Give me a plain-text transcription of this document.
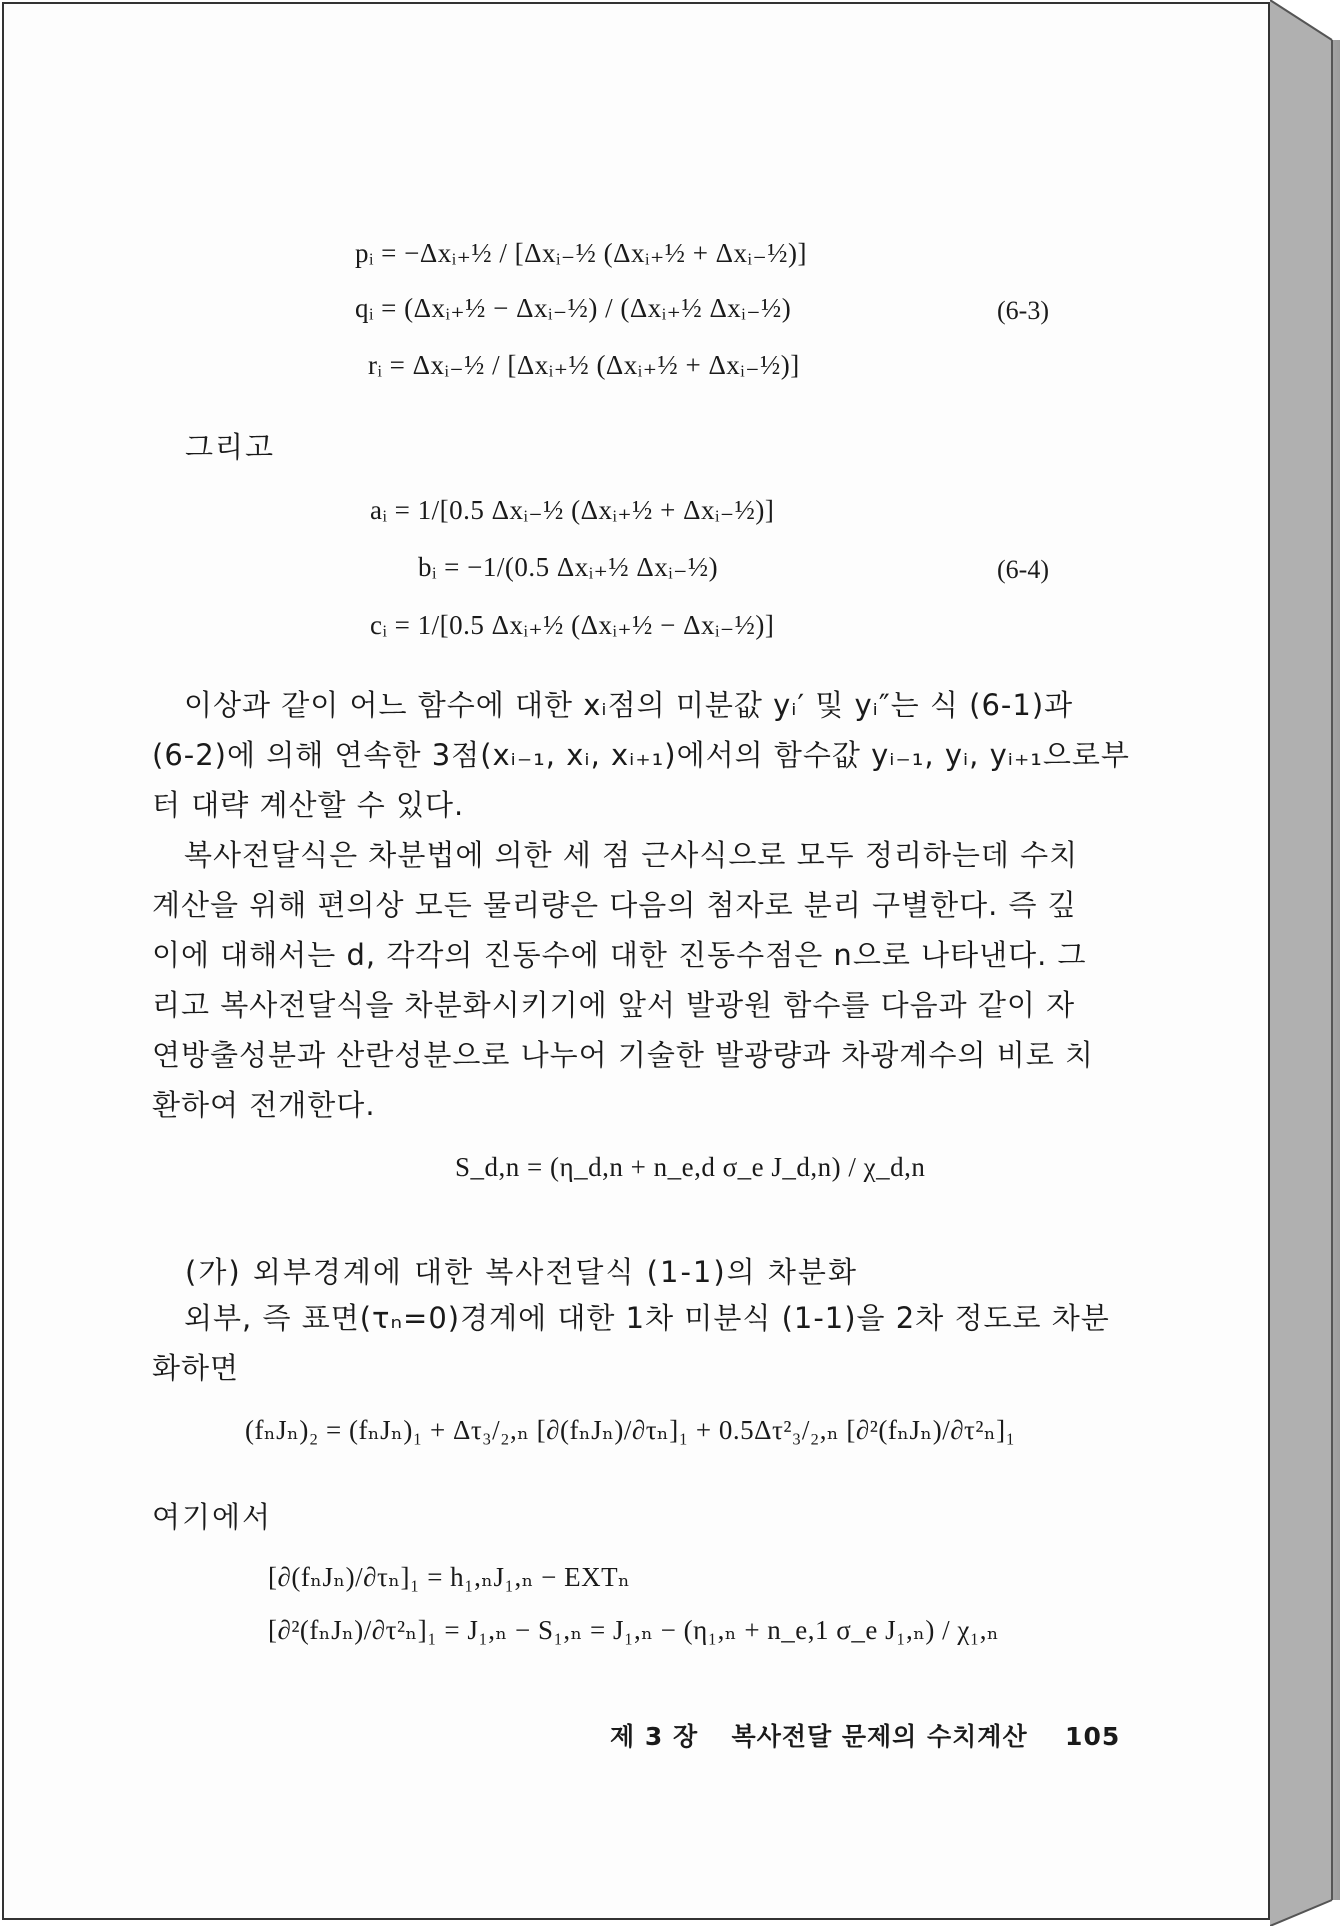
pᵢ = −Δxᵢ₊½ / [Δxᵢ₋½ (Δxᵢ₊½ + Δxᵢ₋½)]
qᵢ = (Δxᵢ₊½ − Δxᵢ₋½) / (Δxᵢ₊½ Δxᵢ₋½)
rᵢ = Δxᵢ₋½ / [Δxᵢ₊½ (Δxᵢ₊½ + Δxᵢ₋½)]
(6-3)
그리고
aᵢ = 1/[0.5 Δxᵢ₋½ (Δxᵢ₊½ + Δxᵢ₋½)]
bᵢ = −1/(0.5 Δxᵢ₊½ Δxᵢ₋½)
cᵢ = 1/[0.5 Δxᵢ₊½ (Δxᵢ₊½ − Δxᵢ₋½)]
(6-4)
이상과 같이 어느 함수에 대한 xᵢ점의 미분값 yᵢ′ 및 yᵢ″는 식 (6-1)과
(6-2)에 의해 연속한 3점(xᵢ₋₁, xᵢ, xᵢ₊₁)에서의 함수값 yᵢ₋₁, yᵢ, yᵢ₊₁으로부
터 대략 계산할 수 있다.
복사전달식은 차분법에 의한 세 점 근사식으로 모두 정리하는데 수치
계산을 위해 편의상 모든 물리량은 다음의 첨자로 분리 구별한다. 즉 깊
이에 대해서는 d, 각각의 진동수에 대한 진동수점은 n으로 나타낸다. 그
리고 복사전달식을 차분화시키기에 앞서 발광원 함수를 다음과 같이 자
연방출성분과 산란성분으로 나누어 기술한 발광량과 차광계수의 비로 치
환하여 전개한다.
S_d,n = (η_d,n + n_e,d σ_e J_d,n) / χ_d,n
(가) 외부경계에 대한 복사전달식 (1-1)의 차분화
외부, 즉 표면(τₙ=0)경계에 대한 1차 미분식 (1-1)을 2차 정도로 차분
화하면
(fₙJₙ)₂ = (fₙJₙ)₁ + Δτ₃/₂,ₙ [∂(fₙJₙ)/∂τₙ]₁ + 0.5Δτ²₃/₂,ₙ [∂²(fₙJₙ)/∂τ²ₙ]₁
여기에서
[∂(fₙJₙ)/∂τₙ]₁ = h₁,ₙJ₁,ₙ − EXTₙ
[∂²(fₙJₙ)/∂τ²ₙ]₁ = J₁,ₙ − S₁,ₙ = J₁,ₙ − (η₁,ₙ + n_e,1 σ_e J₁,ₙ) / χ₁,ₙ
제 3 장 복사전달 문제의 수치계산 105
